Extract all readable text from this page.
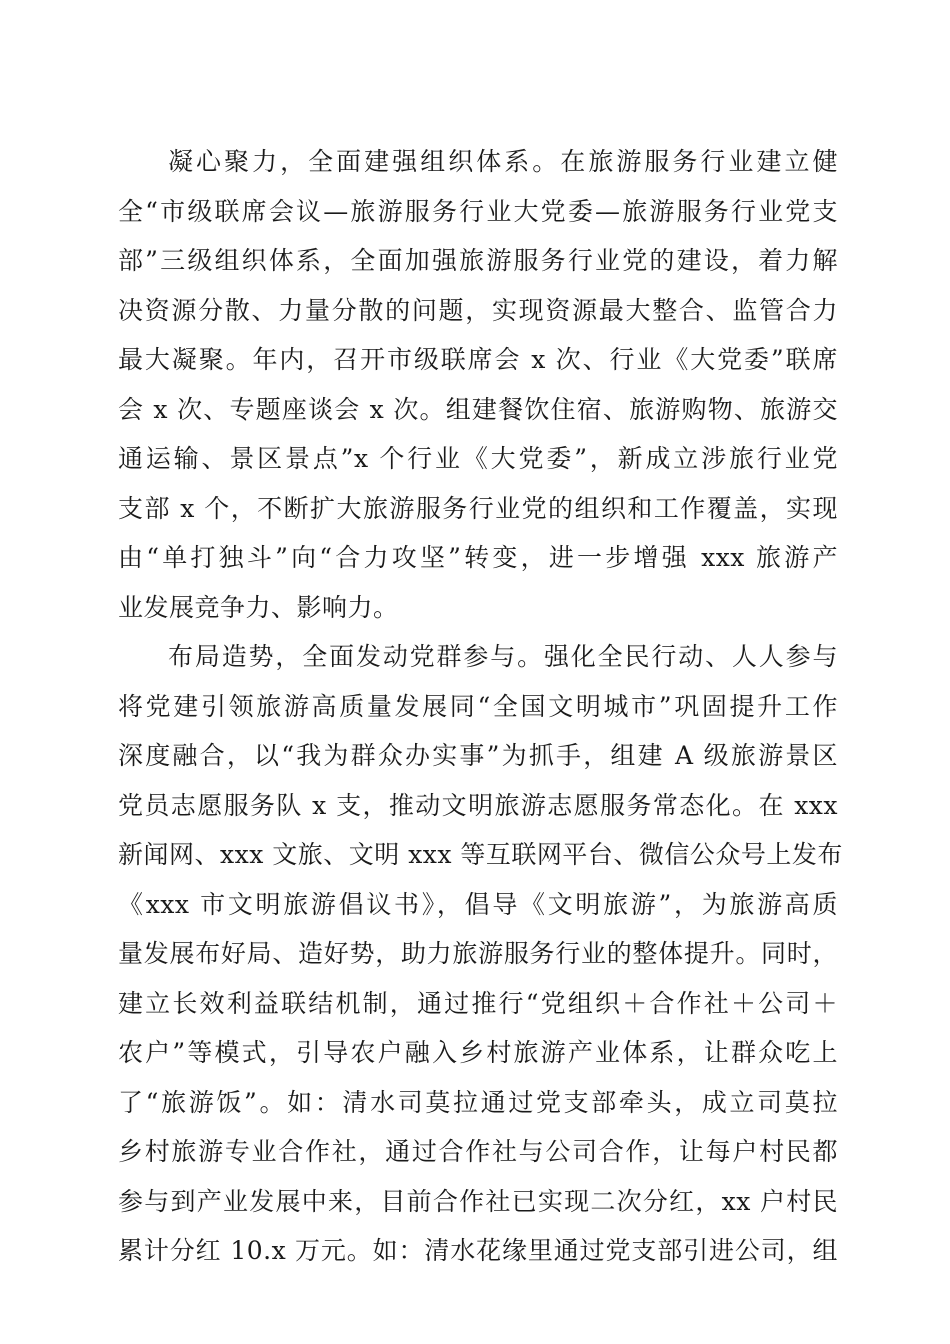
凝心聚力，全面建强组织体系。在旅游服务行业建立健
全“市级联席会议—旅游服务行业大党委—旅游服务行业党支
部”三级组织体系，全面加强旅游服务行业党的建设，着力解
决资源分散、力量分散的问题，实现资源最大整合、监管合力
最大凝聚。年内，召开市级联席会 x 次、行业《大党委”联席
会 x 次、专题座谈会 x 次。组建餐饮住宿、旅游购物、旅游交
通运输、景区景点”x 个行业《大党委”，新成立涉旅行业党
支部 x 个，不断扩大旅游服务行业党的组织和工作覆盖，实现
由“单打独斗”向“合力攻坚”转变，进一步增强 xxx 旅游产
业发展竞争力、影响力。
布局造势，全面发动党群参与。强化全民行动、人人参与
将党建引领旅游高质量发展同“全国文明城市”巩固提升工作
深度融合，以“我为群众办实事”为抓手，组建 A 级旅游景区
党员志愿服务队 x 支，推动文明旅游志愿服务常态化。在 xxx
新闻网、xxx 文旅、文明 xxx 等互联网平台、微信公众号上发布
《xxx 市文明旅游倡议书》，倡导《文明旅游”，为旅游高质
量发展布好局、造好势，助力旅游服务行业的整体提升。同时，
建立长效利益联结机制，通过推行“党组织＋合作社＋公司＋
农户”等模式，引导农户融入乡村旅游产业体系，让群众吃上
了“旅游饭”。如：清水司莫拉通过党支部牵头，成立司莫拉
乡村旅游专业合作社，通过合作社与公司合作，让每户村民都
参与到产业发展中来，目前合作社已实现二次分红，xx 户村民
累计分红 10.x 万元。如：清水花缘里通过党支部引进公司，组
